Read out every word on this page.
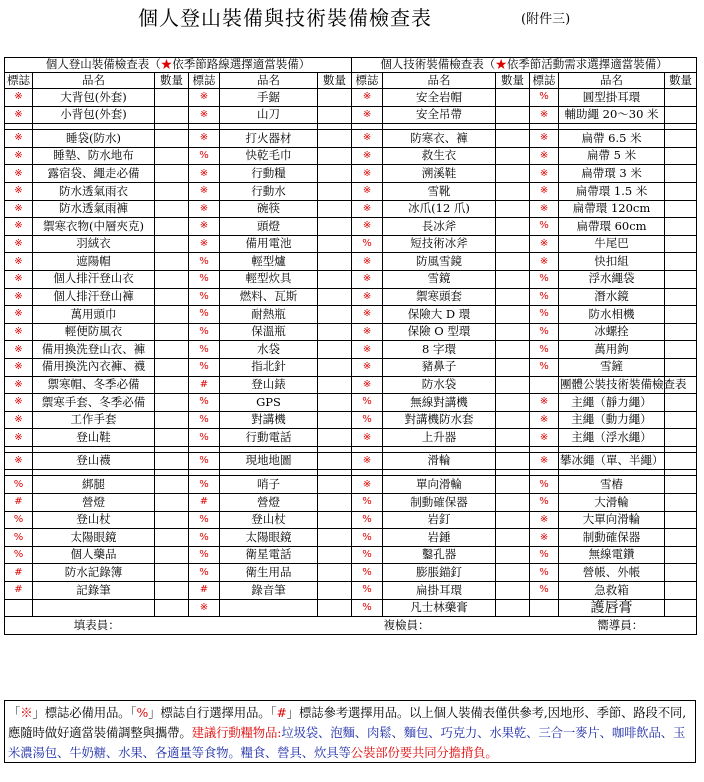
個人登山裝備與技術裝備檢查表	(附件三)
個人登山裝備檢查表（★依季節路線選擇適當裝備）						個人技術裝備檢查表（★依季節活動需求選擇適當裝備）					
標誌	品名	數量	標誌	品名	數量	標誌	品名	數量	標誌	品名	數量
※	大背包(外套)		※	手鋸		※	安全岩帽		%	圓型掛耳環	
※	小背包(外套)		※	山刀		※	安全吊帶		※	輔助繩 20～30 米	

※	睡袋(防水)		※	打火器材		※	防寒衣、褲		※	扁帶 6.5 米	
※	睡墊、防水地布		%	快乾毛巾		※	救生衣		※	扁帶 5 米	
※	露宿袋、繩走必備		※	行動糧		※	溯溪鞋		※	扁帶環 3 米	
※	防水透氣雨衣		※	行動水		※	雪靴		※	扁帶環 1.5 米	
※	防水透氣雨褲		※	碗筷		※	冰爪(12 爪)		※	扁帶環 120cm	
※	禦寒衣物(中層夾克)		※	頭燈		※	長冰斧		%	扁帶環 60cm	
※	羽絨衣		※	備用電池		%	短技術冰斧		※	牛尾巴	
※	遮陽帽		%	輕型爐		※	防風雪鏡		※	快扣組	
※	個人排汗登山衣		%	輕型炊具		※	雪鏡		%	浮水繩袋	
※	個人排汗登山褲		%	燃料、瓦斯		※	禦寒頭套		%	潛水鏡	
※	萬用頭巾		%	耐熱瓶		※	保險大 D 環		%	防水相機	
※	輕便防風衣		%	保溫瓶		※	保險 O 型環		%	冰螺拴	
※	備用換洗登山衣、褲		%	水袋		※	8 字環		%	萬用鉤	
※	備用換洗內衣褲、襪		%	指北針		※	豬鼻子		%	雪鏟	
※	禦寒帽、冬季必備		#	登山錶		※	防水袋			團體公裝技術裝備檢查表	
※	禦寒手套、冬季必備		%	GPS		%	無線對講機		※	主繩（靜力繩）	
※	工作手套		%	對講機		%	對講機防水套		※	主繩（動力繩）	
※	登山鞋		%	行動電話		※	上升器		※	主繩（浮水繩）	

※	登山襪		%	現地地圖		※	滑輪		※	攀冰繩（單、半繩）	

%	綁腿		%	哨子		※	單向滑輪		%	雪樁	
#	營燈		#	營燈		%	制動確保器		%	大滑輪	
%	登山杖		%	登山杖		%	岩釘		※	大單向滑輪	
%	太陽眼鏡		%	太陽眼鏡		%	岩錘		※	制動確保器	
%	個人藥品		%	衛星電話		%	鑿孔器		%	無線電鑽	
#	防水記錄簿		%	衛生用品		%	膨脹錨釘		%	營帳、外帳	
#	記錄筆		#	錄音筆		%	扁掛耳環		%	急救箱	
			※			%	凡士林藥膏			護唇膏	
填表員：					複檢員：			嚮導員：			
「※」標誌必備用品。「%」標誌自行選擇用品。「#」標誌參考選擇用品。以上個人裝備表僅供參考,因地形、季節、路段不同,應隨時做好適當裝備調整與攜帶。建議行動糧物品:垃圾袋、泡麵、肉鬆、麵包、巧克力、水果乾、三合一麥片、咖啡飲品、玉米濃湯包、牛奶糖、水果、各適量等食物。糧食、營具、炊具等公裝部份要共同分擔揹負。
